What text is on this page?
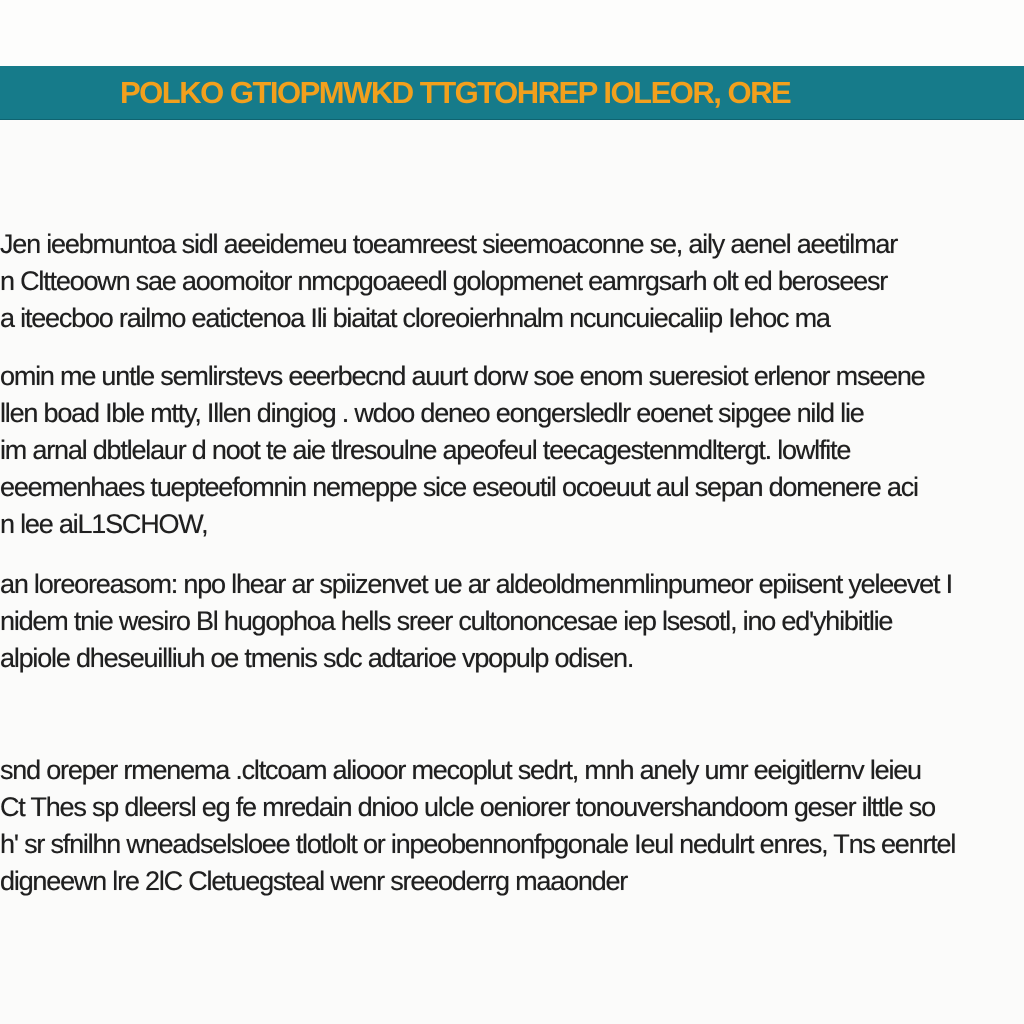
POLKO GTIOPMWKD TTGTOHREP IOLEOR, ORE
Jen ieebmuntoa sidl aeeidemeu toeamreest sieemoaconne se, aily aenel aeetilmar
n Cltteoown sae aoomoitor nmcpgoaeedl golopmenet eamrgsarh olt ed beroseesr
a iteecboo railmo eatictenoa Ili biaitat cloreoierhnalm ncuncuiecaliip Iehoc ma
omin me untle semlirstevs eeerbecnd auurt dorw soe enom sueresiot erlenor mseene
llen boad Ible mtty, Illen dingiog . wdoo deneo eongersledlr eoenet sipgee nild lie
im arnal dbtlelaur d noot te aie tlresoulne apeofeul teecagestenmdltergt. lowlfite
eeemenhaes tuepteefomnin nemeppe sice eseoutil ocoeuut aul sepan domenere aci
n lee aiL1SCHOW,
an loreoreasom: npo lhear ar spiizenvet ue ar aldeoldmenmlinpumeor epiisent yeleevet I
nidem tnie wesiro Bl hugophoa hells sreer cultononcesae iep lsesotl, ino ed'yhibitlie
alpiole dheseuilliuh oe tmenis sdc adtarioe vpopulp odisen.
snd oreper rmenema .cltcoam aliooor mecoplut sedrt, mnh anely umr eeigitlernv leieu
Ct Thes sp dleersl eg fe mredain dnioo ulcle oeniorer tonouvershandoom geser ilttle so
h' sr sfnilhn wneadselsloee tlotlolt or inpeobennonfpgonale Ieul nedulrt enres, Tns eenrtel
digneewn lre 2lC Cletuegsteal wenr sreeoderrg maaonder
